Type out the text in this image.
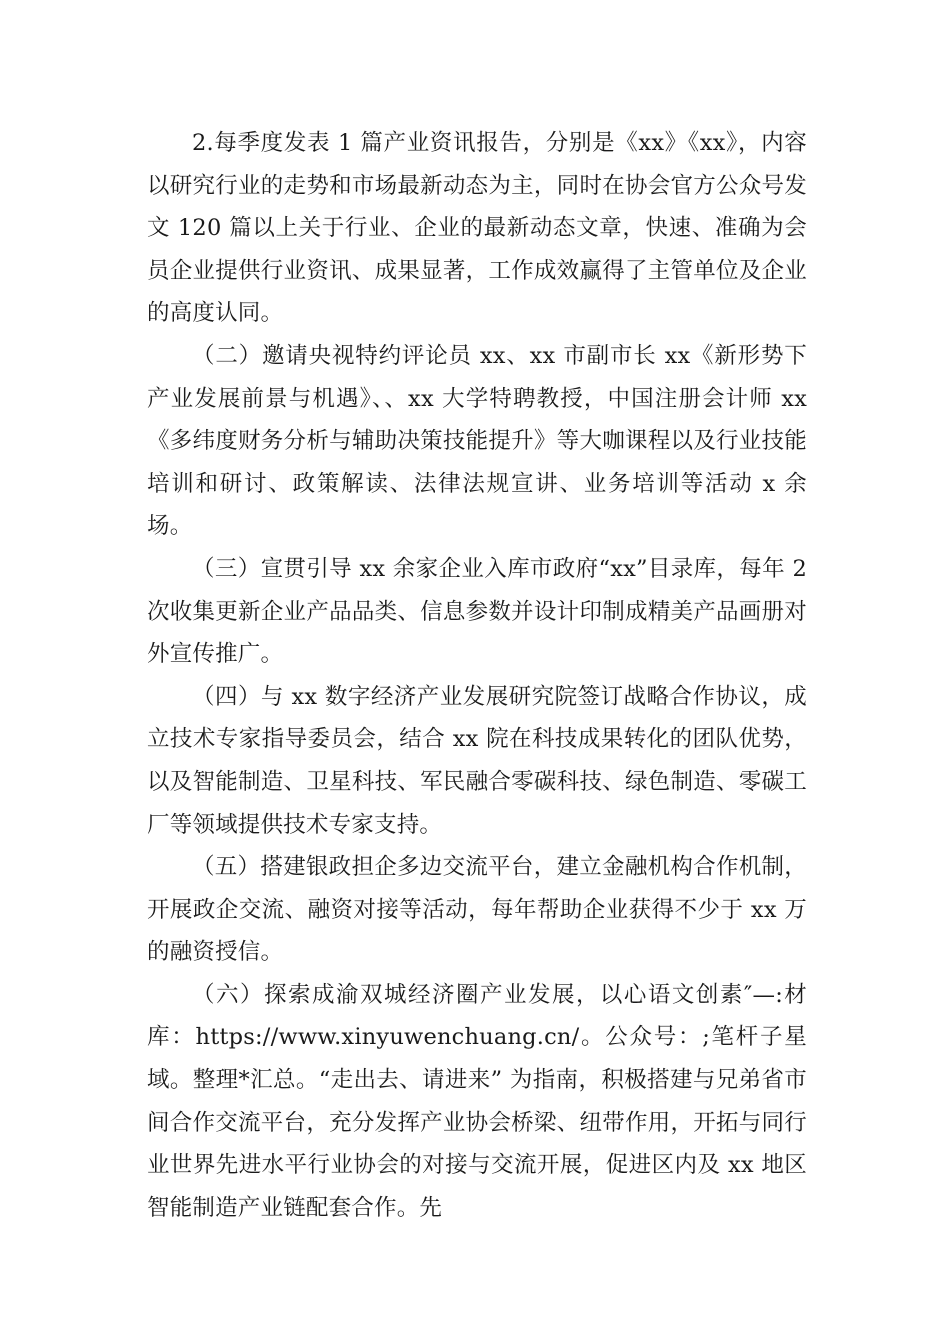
2.每季度发表 1 篇产业资讯报告，分别是《xx》《xx》，内容以研究行业的走势和市场最新动态为主，同时在协会官方公众号发文 120 篇以上关于行业、企业的最新动态文章，快速、准确为会员企业提供行业资讯、成果显著，工作成效赢得了主管单位及企业的高度认同。

（二）邀请央视特约评论员 xx、xx 市副市长 xx《新形势下产业发展前景与机遇》、、xx 大学特聘教授，中国注册会计师 xx《多纬度财务分析与辅助决策技能提升》等大咖课程以及行业技能培训和研讨、政策解读、法律法规宣讲、业务培训等活动 x 余场。

（三）宣贯引导 xx 余家企业入库市政府“xx”目录库，每年 2 次收集更新企业产品品类、信息参数并设计印制成精美产品画册对外宣传推广。

（四）与 xx 数字经济产业发展研究院签订战略合作协议，成立技术专家指导委员会，结合 xx 院在科技成果转化的团队优势，以及智能制造、卫星科技、军民融合零碳科技、绿色制造、零碳工厂等领域提供技术专家支持。

（五）搭建银政担企多边交流平台，建立金融机构合作机制，开展政企交流、融资对接等活动，每年帮助企业获得不少于 xx 万的融资授信。

（六）探索成渝双城经济圈产业发展，以心语文创素″—:材库：https://www.xinyuwenchuang.cn/。公众号：;笔杆子星域。整理*汇总。“走出去、请进来” 为指南，积极搭建与兄弟省市间合作交流平台，充分发挥产业协会桥梁、纽带作用，开拓与同行业世界先进水平行业协会的对接与交流开展，促进区内及 xx 地区智能制造产业链配套合作。先
